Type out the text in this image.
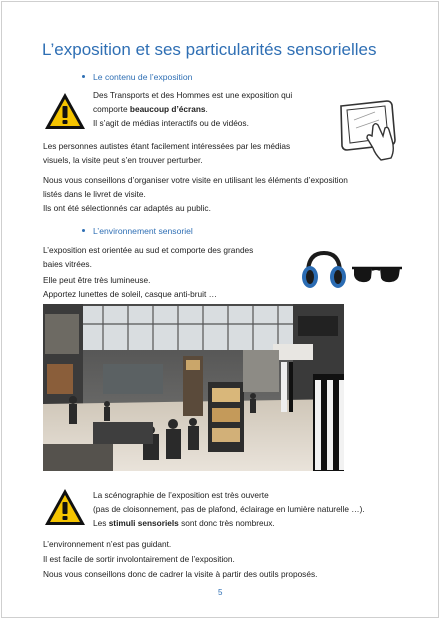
L’exposition et ses particularités sensorielles
Le contenu de l’exposition
Des Transports et des Hommes est une exposition qui
comporte beaucoup d’écrans.
Il s’agit de médias interactifs ou de vidéos.
Les personnes autistes étant facilement intéressées par les médias
visuels, la visite peut s’en trouver perturber.
Nous vous conseillons d’organiser votre visite en utilisant les éléments d’exposition
listés dans le livret de visite.
Ils ont été sélectionnés car adaptés au public.
L’environnement sensoriel
L’exposition est orientée au sud et comporte des grandes
baies vitrées.
Elle peut être très lumineuse.
Apportez lunettes de soleil, casque anti-bruit …
La scénographie de l’exposition est très ouverte
(pas de cloisonnement, pas de plafond, éclairage en lumière naturelle …).
Les stimuli sensoriels sont donc très nombreux.
L’environnement n’est pas guidant.
Il est facile de sortir involontairement de l’exposition.
Nous vous conseillons donc de cadrer la visite à partir des outils proposés.
5
